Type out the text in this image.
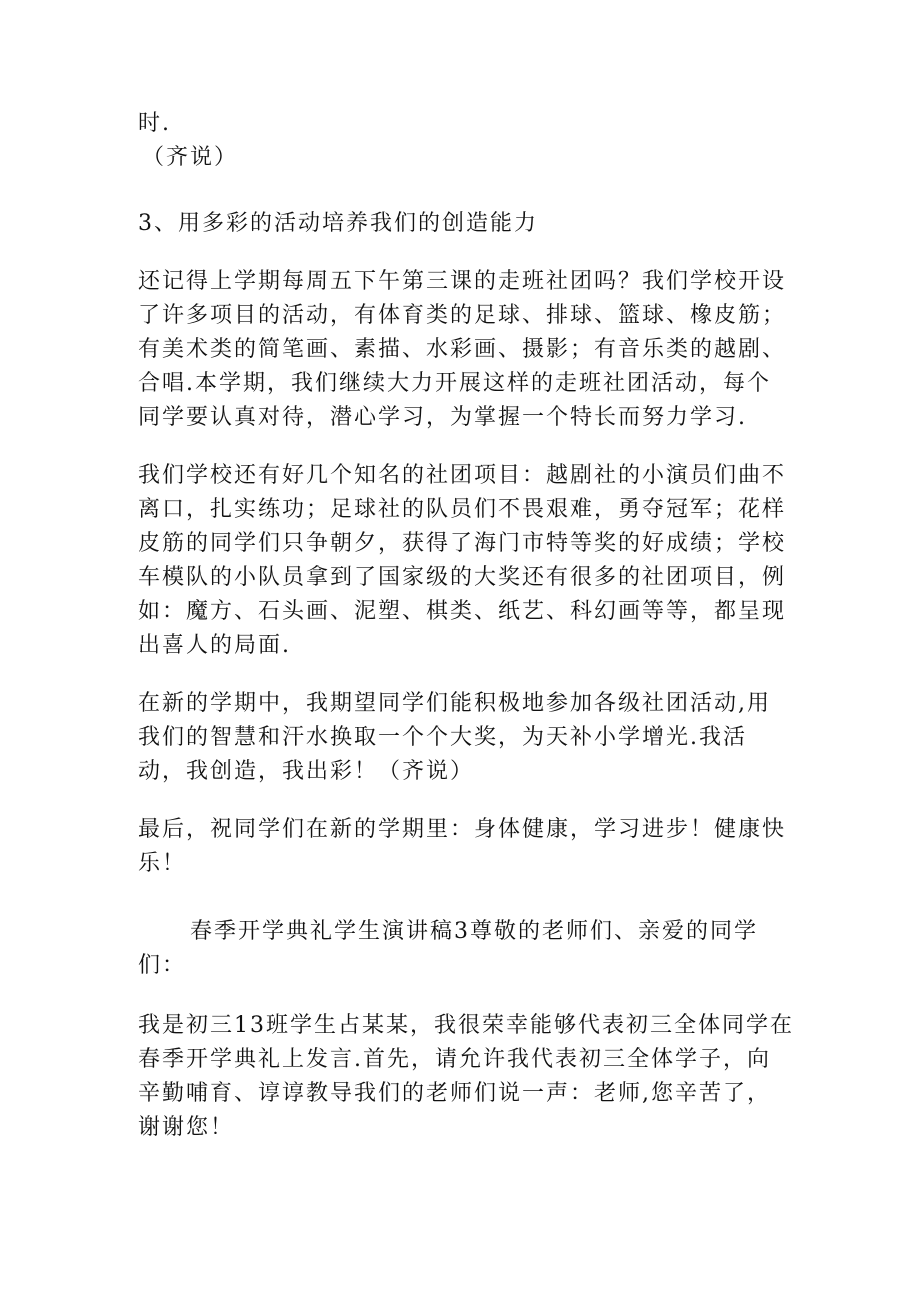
时.
（齐说）
3、用多彩的活动培养我们的创造能力
还记得上学期每周五下午第三课的走班社团吗？我们学校开设
了许多项目的活动，有体育类的足球、排球、篮球、橡皮筋；
有美术类的简笔画、素描、水彩画、摄影；有音乐类的越剧、
合唱.本学期，我们继续大力开展这样的走班社团活动，每个
同学要认真对待，潜心学习，为掌握一个特长而努力学习.
我们学校还有好几个知名的社团项目：越剧社的小演员们曲不
离口，扎实练功；足球社的队员们不畏艰难，勇夺冠军；花样
皮筋的同学们只争朝夕，获得了海门市特等奖的好成绩；学校
车模队的小队员拿到了国家级的大奖还有很多的社团项目，例
如：魔方、石头画、泥塑、棋类、纸艺、科幻画等等，都呈现
出喜人的局面.
在新的学期中，我期望同学们能积极地参加各级社团活动,用
我们的智慧和汗水换取一个个大奖，为天补小学增光.我活
动，我创造，我出彩！（齐说）
最后，祝同学们在新的学期里：身体健康，学习进步！健康快
乐！
春季开学典礼学生演讲稿3尊敬的老师们、亲爱的同学
们：
我是初三13班学生占某某，我很荣幸能够代表初三全体同学在
春季开学典礼上发言.首先，请允许我代表初三全体学子，向
辛勤哺育、谆谆教导我们的老师们说一声：老师,您辛苦了，
谢谢您！
